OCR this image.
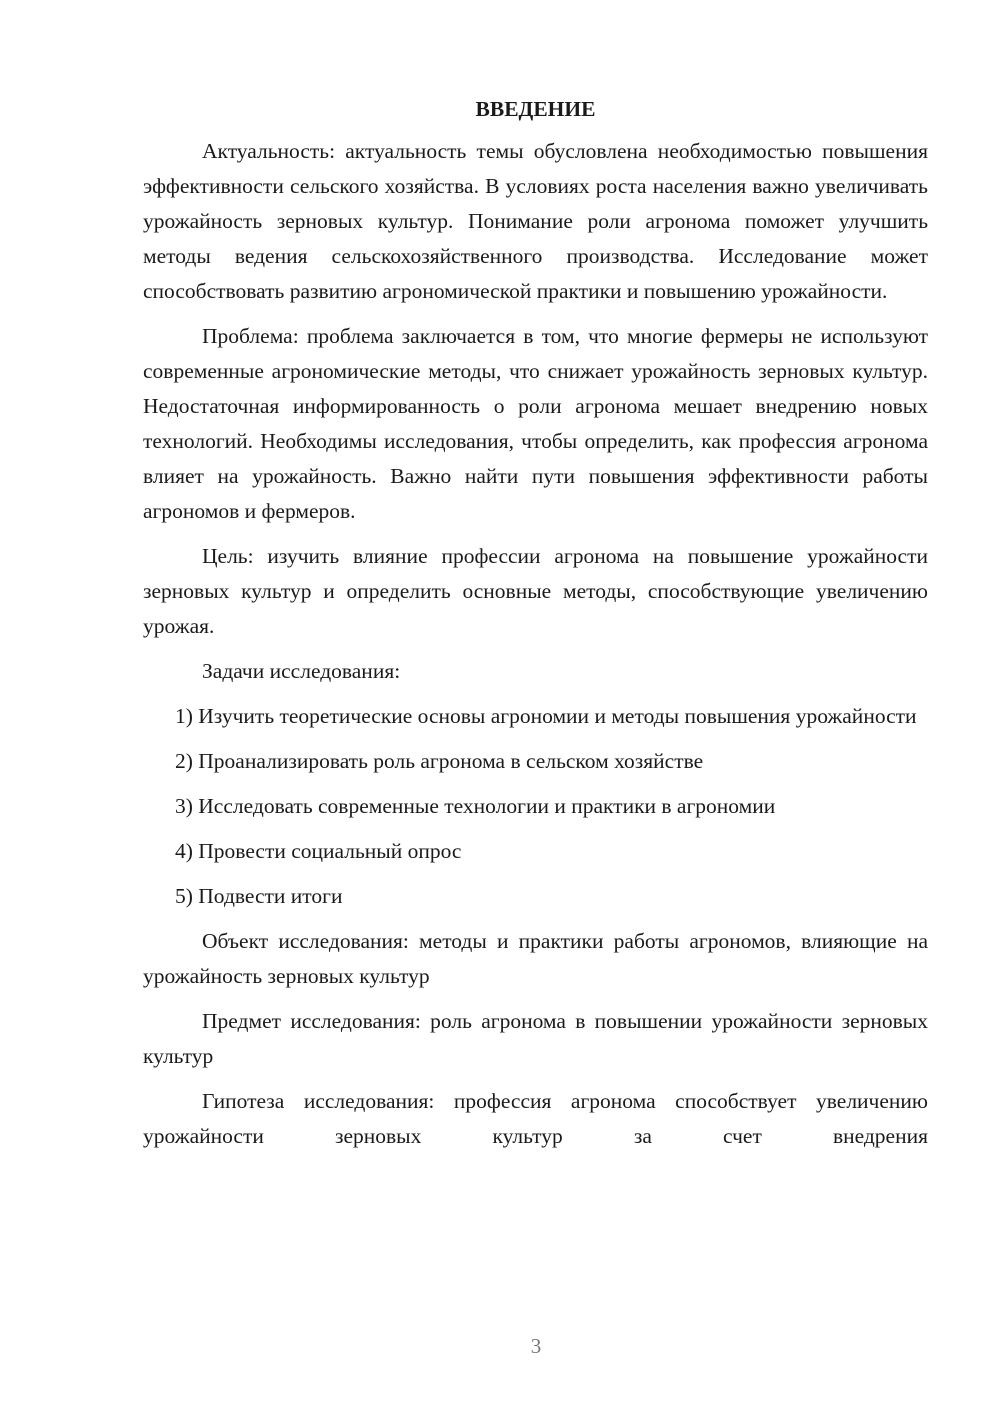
ВВЕДЕНИЕ

Актуальность: актуальность темы обусловлена необходимостью повышения эффективности сельского хозяйства. В условиях роста населения важно увеличивать урожайность зерновых культур. Понимание роли агронома поможет улучшить методы ведения сельскохозяйственного производства. Исследование может способствовать развитию агрономической практики и повышению урожайности.

Проблема: проблема заключается в том, что многие фермеры не используют современные агрономические методы, что снижает урожайность зерновых культур. Недостаточная информированность о роли агронома мешает внедрению новых технологий. Необходимы исследования, чтобы определить, как профессия агронома влияет на урожайность. Важно найти пути повышения эффективности работы агрономов и фермеров.

Цель: изучить влияние профессии агронома на повышение урожайности зерновых культур и определить основные методы, способствующие увеличению урожая.

Задачи исследования:

1) Изучить теоретические основы агрономии и методы повышения урожайности

2) Проанализировать роль агронома в сельском хозяйстве

3) Исследовать современные технологии и практики в агрономии

4) Провести социальный опрос

5) Подвести итоги

Объект исследования: методы и практики работы агрономов, влияющие на урожайность зерновых культур

Предмет исследования: роль агронома в повышении урожайности зерновых культур

Гипотеза исследования: профессия агронома способствует увеличению урожайности зерновых культур за счет внедрения

3
